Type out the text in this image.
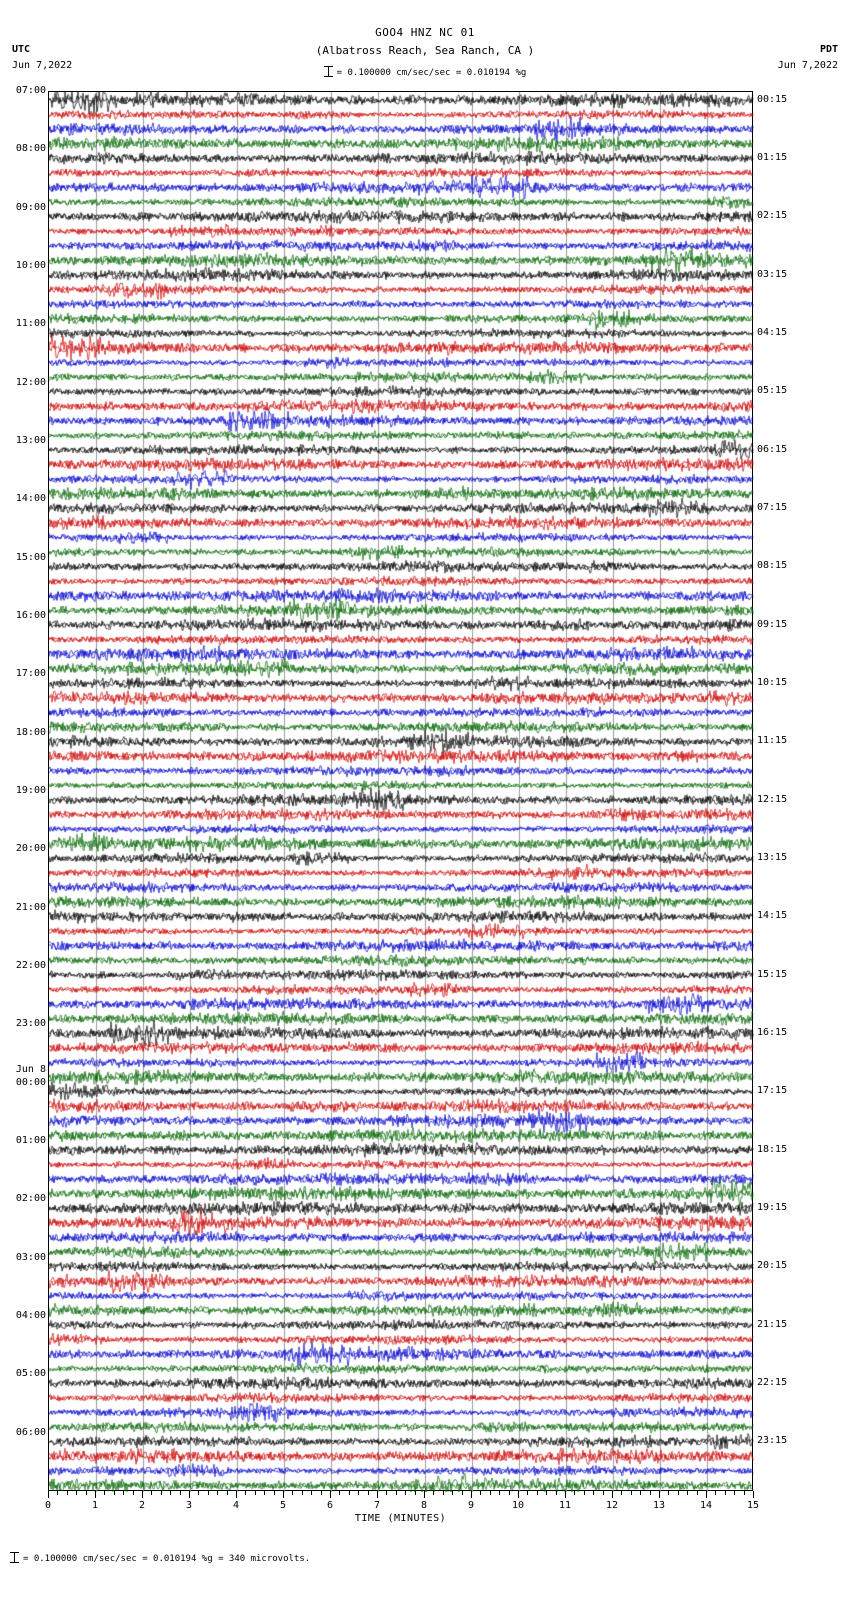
UTC
Jun 7,2022
PDT
Jun 7,2022
GOO4 HNZ NC 01
(Albatross Reach, Sea Ranch, CA )
= 0.100000 cm/sec/sec = 0.010194 %g
07:00
08:00
09:00
10:00
11:00
12:00
13:00
14:00
15:00
16:00
17:00
18:00
19:00
20:00
21:00
22:00
23:00
Jun 8
00:00
01:00
02:00
03:00
04:00
05:00
06:00
00:15
01:15
02:15
03:15
04:15
05:15
06:15
07:15
08:15
09:15
10:15
11:15
12:15
13:15
14:15
15:15
16:15
17:15
18:15
19:15
20:15
21:15
22:15
23:15
0	1	2	3	4	5	6	7	8	9	10	11	12	13	14	15
TIME (MINUTES)
= 0.100000 cm/sec/sec = 0.010194 %g = 340 microvolts.
